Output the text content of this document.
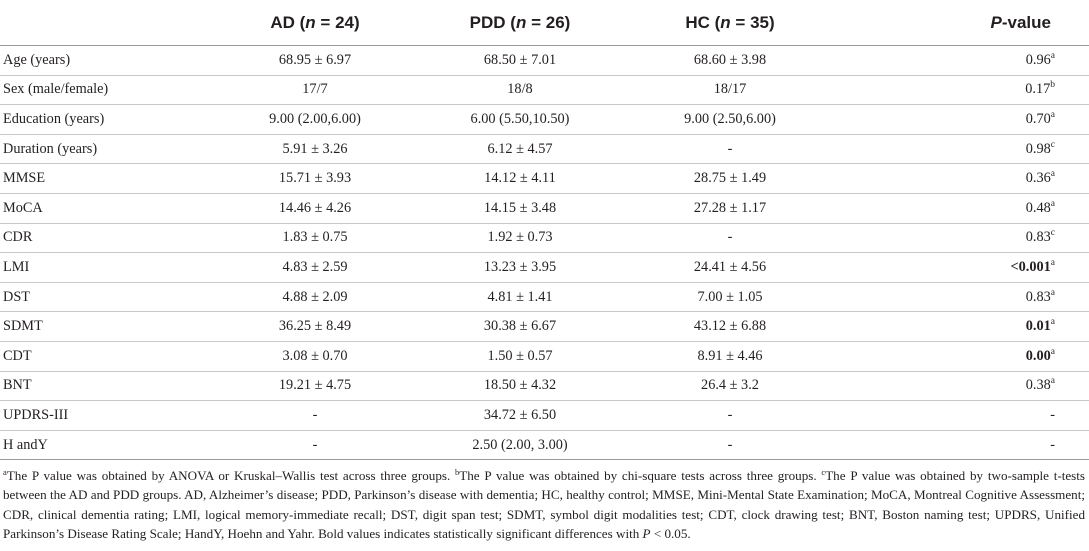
	AD (n = 24)	PDD (n = 26)	HC (n = 35)	P-value
Age (years)	68.95 ± 6.97	68.50 ± 7.01	68.60 ± 3.98	0.96$^a$
Sex (male/female)	17/7	18/8	18/17	0.17$^b$
Education (years)	9.00 (2.00,6.00)	6.00 (5.50,10.50)	9.00 (2.50,6.00)	0.70$^a$
Duration (years)	5.91 ± 3.26	6.12 ± 4.57	-	0.98$^c$
MMSE	15.71 ± 3.93	14.12 ± 4.11	28.75 ± 1.49	0.36$^a$
MoCA	14.46 ± 4.26	14.15 ± 3.48	27.28 ± 1.17	0.48$^a$
CDR	1.83 ± 0.75	1.92 ± 0.73	-	0.83$^c$
LMI	4.83 ± 2.59	13.23 ± 3.95	24.41 ± 4.56	<0.001$^a$
DST	4.88 ± 2.09	4.81 ± 1.41	7.00 ± 1.05	0.83$^a$
SDMT	36.25 ± 8.49	30.38 ± 6.67	43.12 ± 6.88	0.01$^a$
CDT	3.08 ± 0.70	1.50 ± 0.57	8.91 ± 4.46	0.00$^a$
BNT	19.21 ± 4.75	18.50 ± 4.32	26.4 ± 3.2	0.38$^a$
UPDRS-III	-	34.72 ± 6.50	-	-
H andY	-	2.50 (2.00, 3.00)	-	-
$^a$The P value was obtained by ANOVA or Kruskal–Wallis test across three groups. $^b$The P value was obtained by chi-square tests across three groups. $^c$The P value was obtained by two-sample t-tests between the AD and PDD groups. AD, Alzheimer’s disease; PDD, Parkinson’s disease with dementia; HC, healthy control; MMSE, Mini-Mental State Examination; MoCA, Montreal Cognitive Assessment; CDR, clinical dementia rating; LMI, logical memory-immediate recall; DST, digit span test; SDMT, symbol digit modalities test; CDT, clock drawing test; BNT, Boston naming test; UPDRS, Unified Parkinson’s Disease Rating Scale; HandY, Hoehn and Yahr. Bold values indicates statistically significant differences with P < 0.05.
